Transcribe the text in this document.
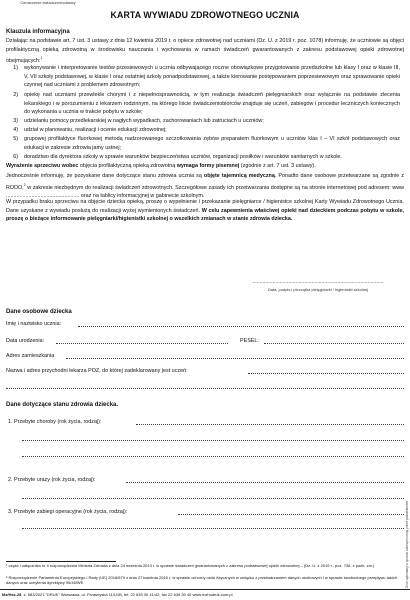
Oznaczenie świadczeniodawcy
KARTA WYWIADU ZDROWOTNEGO UCZNIA
Klauzula informacyjna
Działając na podstawie art. 7 ust. 3 ustawy z dnia 12 kwietnia 2019 r. o opiece zdrowotnej nad uczniami (Dz. U. z 2019 r. poz. 1078) informuję, że uczniowie są objęci profilaktyczną opieką zdrowotną w środowisku nauczania i wychowania w ramach świadczeń gwarantowanych z zakresu podstawowej opieki zdrowotnej obejmujących:$^1$
1) wykonywanie i interpretowanie testów przesiewowych u ucznia odbywającego roczne obowiązkowe przygotowanie przedszkolne lub klasy I oraz w klasie III, V, VII szkoły podstawowej, w klasie I oraz ostatniej szkoły ponadpodstawowej, a także kierowanie postępowaniem poprzesiewowym oraz sprawowanie opieki czynnej nad uczniami z problemem zdrowotnym;
2) opiekę nad uczniami przewlekle chorymi i z niepełnosprawnością, w tym realizacja świadczeń pielęgniarskich oraz wyłącznie na podstawie zlecenia lekarskiego i w porozumieniu z lekarzem rodzinnym, na którego liście świadczeniobiorców znajduje się uczeń, zabiegów i procedur leczniczych koniecznych do wykonania u ucznia w trakcie pobytu w szkole;
3) udzielaniu pomocy przedlekarskiej w nagłych wypadkach, zachorowaniach lub zatruciach u uczniów;
4) udział w planowaniu, realizacji i ocenie edukacji zdrowotnej;
5) grupowej profilaktyce fluorkowej metodą nadzorowanego szczotkowania zębów preparatem fluorkowym u uczniów klas I – VI szkół podstawowych oraz edukacji w zakresie zdrowia jamy ustnej;
6) doradztwo dla dyrektora szkoły w sprawie warunków bezpieczeństwa uczniów, organizacji posiłków i warunków sanitarnych w szkole.
Wyrażenie sprzeciwu wobec objęcia profilaktyczną opieką zdrowotną wymaga formy pisemnej (zgodnie z art. 7 ust. 3 ustawy).
Jednocześnie informuję, że pozyskane dane dotyczące stanu zdrowia ucznia są objęte tajemnicą medyczną. Ponadto dane osobowe przetwarzane są zgodnie z RODO,$^2$ w zakresie niezbędnym do realizacji świadczeń zdrowotnych. Szczegółowe zasady ich przetwarzania dostępne są na stronie internetowej pod adresem: www ................................................. oraz na tablicy informacyjnej w gabinecie szkolnym.
W przypadku braku sprzeciwu na objęcie dziecka opieką, proszę o wypełnienie i przekazanie pielęgniarce / higienistce szkolnej Karty Wywiadu Zdrowotnego Ucznia. Dane uzyskane z wywiadu posłużą do realizacji wyżej wymienionych świadczeń. W celu zapewnienia właściwej opieki nad dzieckiem podczas pobytu w szkole, proszę o bieżące informowanie pielęgniarki/higienistki szkolnej o wszelkich zmianach w stanie zdrowia dziecka.
...........................................................................................
Data, podpis i pieczątka pielęgniarki / higienistki szkolnej
Dane osobowe dziecka
Imię i nazwisko ucznia:
Data urodzenia:	PESEL:
Adres zamieszkania
Nazwa i adres przychodni lekarza POZ, do której zadeklarowany jest uczeń:
Dane dotyczące stanu zdrowia dziecka.
1. Przebyte choroby (rok życia, rodzaj):
2. Przebyte urazy (rok życia, rodzaj):
3. Przebyte zabiegi operacyjne (rok życia, rodzaj):
¹ część I załącznika nr 4 rozporządzenia Ministra Zdrowia z dnia 24 września 2013 r. w sprawie świadczeń gwarantowanych z zakresu podstawowej opieki zdrowotnej – (Dz. U. z 2019 r., poz. 736, z późn. zm.)
² Rozporządzenie Parlamentu Europejskiego i Rady (UE) 2016/679 z dnia 27 kwietnia 2016 r. w sprawie ochrony osób fizycznych w związku z przetwarzaniem danych osobowych i w sprawie swobodnego przepływu takich danych oraz uchylenia dyrektywy 95/46/WE
Mz/Hsz-28 z. 583/2021 "DRUK" Warszawa, ul. Przasnyska 11/U1B, tel. 22 639 30 41/42; fax 22 639 30 40 www.mzhudruk.com.pl
Druk wykonany w sposób zabezpieczony przed podrabianiem
